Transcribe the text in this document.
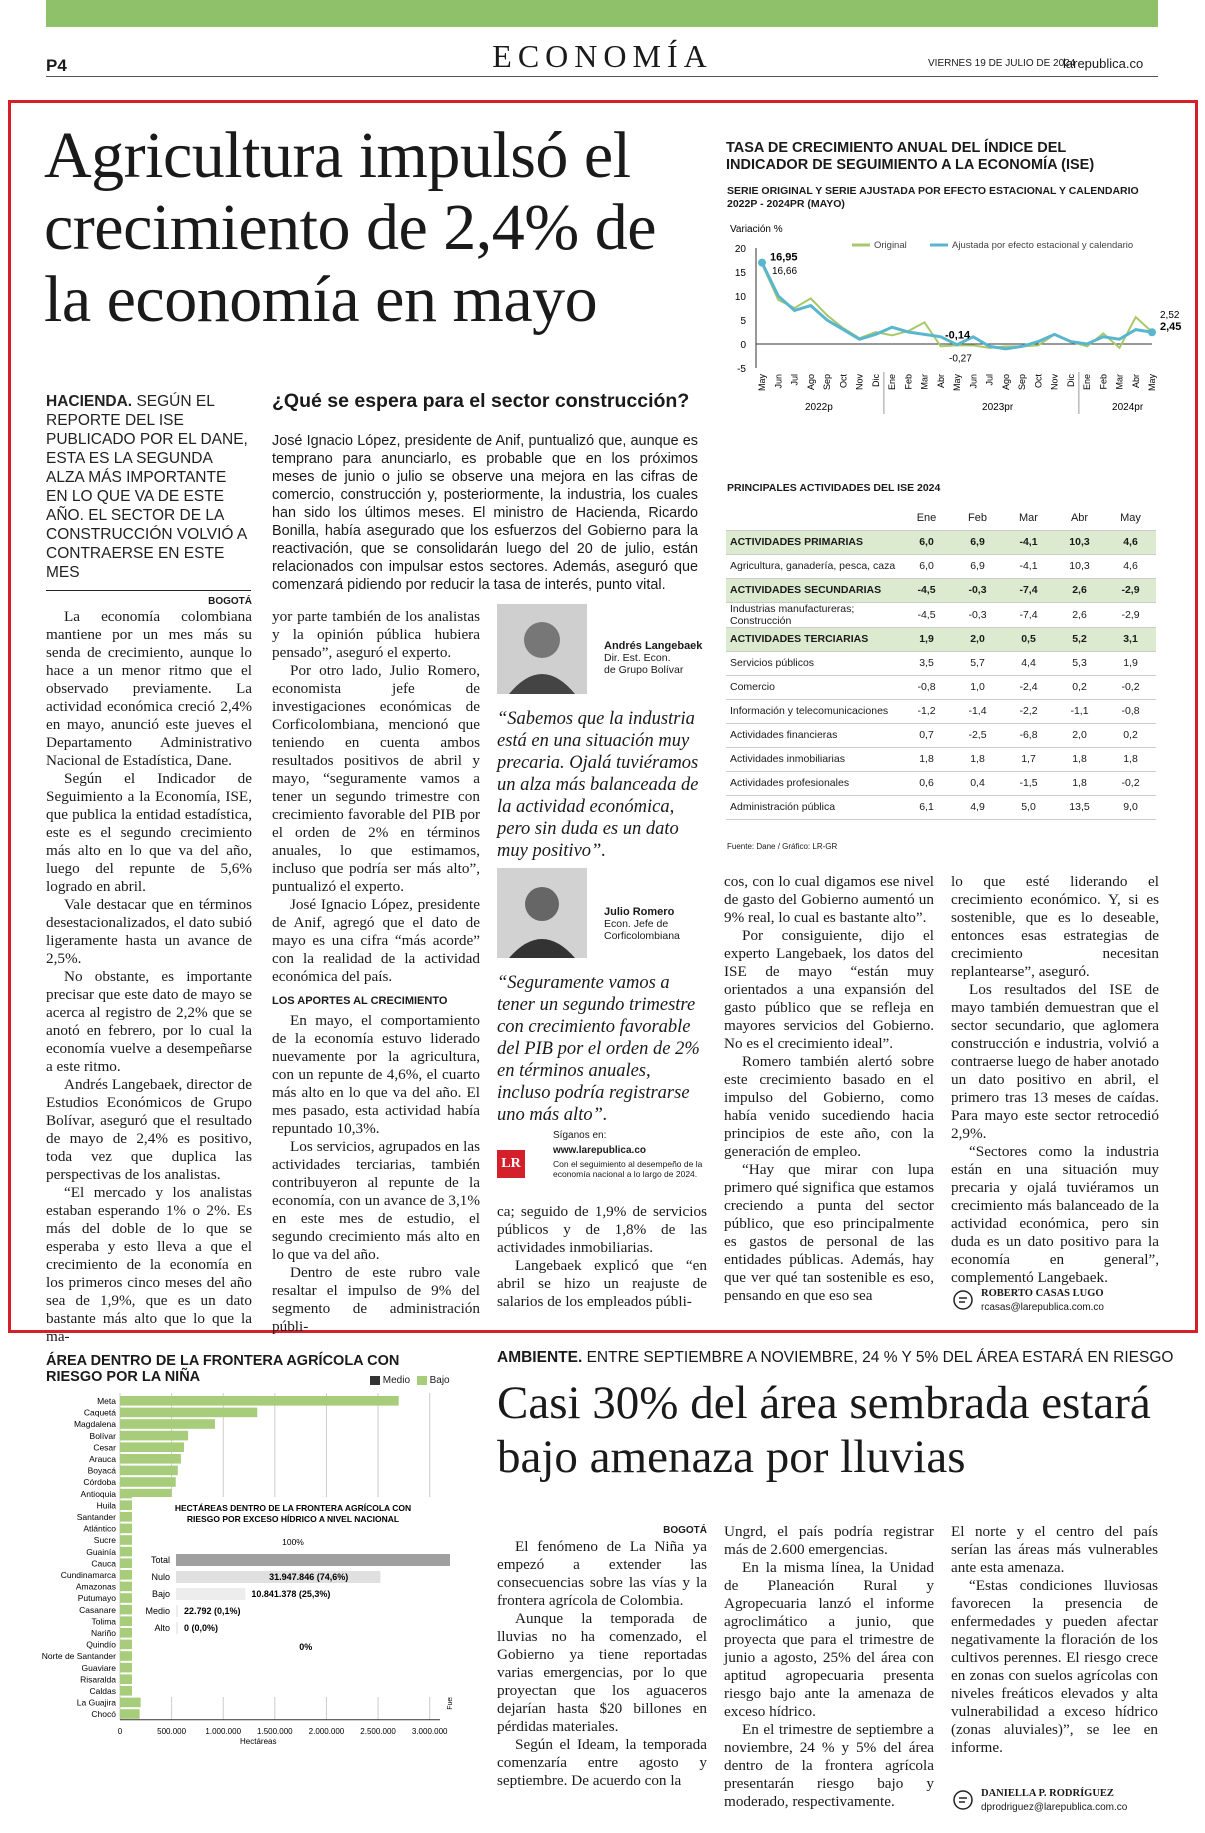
P4	ECONOMÍA	VIERNES 19 DE JULIO DE 2024
larepublica.co
Agricultura impulsó el crecimiento de 2,4% de la economía en mayo
HACIENDA. SEGÚN EL REPORTE DEL ISE PUBLICADO POR EL DANE, ESTA ES LA SEGUNDA ALZA MÁS IMPORTANTE EN LO QUE VA DE ESTE AÑO. EL SECTOR DE LA CONSTRUCCIÓN VOLVIÓ A CONTRAERSE EN ESTE MES
BOGOTÁ
¿Qué se espera para el sector construcción?
José Ignacio López, presidente de Anif, puntualizó que, aunque es temprano para anunciarlo, es probable que en los próximos meses de junio o julio se observe una mejora en las cifras de comercio, construcción y, posteriormente, la industria, los cuales han sido los últimos meses. El ministro de Hacienda, Ricardo Bonilla, había asegurado que los esfuerzos del Gobierno para la reactivación, que se consolidarán luego del 20 de julio, están relacionados con impulsar estos sectores. Además, aseguró que comenzará pidiendo por reducir la tasa de interés, punto vital.

La economía colombiana mantiene por un mes más su senda de crecimiento, aunque lo hace a un menor ritmo que el observado previamente. La actividad económica creció 2,4% en mayo, anunció este jueves el Departamento Administrativo Nacional de Estadística, Dane.

Según el Indicador de Seguimiento a la Economía, ISE, que publica la entidad estadística, este es el segundo crecimiento más alto en lo que va del año, luego del repunte de 5,6% logrado en abril.

Vale destacar que en términos desestacionalizados, el dato subió ligeramente hasta un avance de 2,5%.

No obstante, es importante precisar que este dato de mayo se acerca al registro de 2,2% que se anotó en febrero, por lo cual la economía vuelve a desempeñarse a este ritmo.

Andrés Langebaek, director de Estudios Económicos de Grupo Bolívar, aseguró que el resultado de mayo de 2,4% es positivo, toda vez que duplica las perspectivas de los analistas.

“El mercado y los analistas estaban esperando 1% o 2%. Es más del doble de lo que se esperaba y esto lleva a que el crecimiento de la economía en los primeros cinco meses del año sea de 1,9%, que es un dato bastante más alto que lo que la ma-

yor parte también de los analistas y la opinión pública hubiera pensado”, aseguró el experto.

Por otro lado, Julio Romero, economista jefe de investigaciones económicas de Corficolombiana, mencionó que teniendo en cuenta ambos resultados positivos de abril y mayo, “seguramente vamos a tener un segundo trimestre con crecimiento favorable del PIB por el orden de 2% en términos anuales, lo que estimamos, incluso que podría ser más alto”, puntualizó el experto.

José Ignacio López, presidente de Anif, agregó que el dato de mayo es una cifra “más acorde” con la realidad de la actividad económica del país.

LOS APORTES AL CRECIMIENTO

En mayo, el comportamiento de la economía estuvo liderado nuevamente por la agricultura, con un repunte de 4,6%, el cuarto más alto en lo que va del año. El mes pasado, esta actividad había repuntado 10,3%.

Los servicios, agrupados en las actividades terciarias, también contribuyeron al repunte de la economía, con un avance de 3,1% en este mes de estudio, el segundo crecimiento más alto en lo que va del año.

Dentro de este rubro vale resaltar el impulso de 9% del segmento de administración públi-

Andrés Langebaek
Dir. Est. Econ.
de Grupo Bolívar
“Sabemos que la industria está en una situación muy precaria. Ojalá tuviéramos un alza más balanceada de la actividad económica, pero sin duda es un dato muy positivo”.
Julio Romero
Econ. Jefe de
Corficolombiana
“Seguramente vamos a tener un segundo trimestre con crecimiento favorable del PIB por el orden de 2% en términos anuales, incluso podría registrarse uno más alto”.
Síganos en:
LR
www.larepublica.co
Con el seguimiento al desempeño de la economía nacional a lo largo de 2024.

ca; seguido de 1,9% de servicios públicos y de 1,8% de las actividades inmobiliarias.

Langebaek explicó que “en abril se hizo un reajuste de salarios de los empleados públi-

cos, con lo cual digamos ese nivel de gasto del Gobierno aumentó un 9% real, lo cual es bastante alto”.

Por consiguiente, dijo el experto Langebaek, los datos del ISE de mayo “están muy orientados a una expansión del gasto público que se refleja en mayores servicios del Gobierno. No es el crecimiento ideal”.

Romero también alertó sobre este crecimiento basado en el impulso del Gobierno, como había venido sucediendo hacia principios de este año, con la generación de empleo.

“Hay que mirar con lupa primero qué significa que estamos creciendo a punta del sector público, que eso principalmente es gastos de personal de las entidades públicas. Además, hay que ver qué tan sostenible es eso, pensando en que eso sea

lo que esté liderando el crecimiento económico. Y, si es sostenible, que es lo deseable, entonces esas estrategias de crecimiento necesitan replantearse”, aseguró.

Los resultados del ISE de mayo también demuestran que el sector secundario, que aglomera construcción e industria, volvió a contraerse luego de haber anotado un dato positivo en abril, el primero tras 13 meses de caídas. Para mayo este sector retrocedió 2,9%.

“Sectores como la industria están en una situación muy precaria y ojalá tuviéramos un crecimiento más balanceado de la actividad económica, pero sin duda es un dato positivo para la economía en general”, complementó Langebaek.

ROBERTO CASAS LUGO
rcasas@larepublica.com.co
TASA DE CRECIMIENTO ANUAL DEL ÍNDICE DEL INDICADOR DE SEGUIMIENTO A LA ECONOMÍA (ISE)
SERIE ORIGINAL Y SERIE AJUSTADA POR EFECTO ESTACIONAL Y CALENDARIO
2022P - 2024PR (MAYO)
Variación %
20
15
10
5
0
-5
Original	Ajustada por efecto estacional y calendario
16,95
16,66
-0,14
-0,27
2,52
2,45
May Jun Jul Ago Sep Oct Nov Dic Ene Feb Mar Abr May Jun Jul Ago Sep Oct Nov Dic Ene Feb Mar Abr May
2022p	2023pr	2024pr
PRINCIPALES ACTIVIDADES DEL ISE 2024
	Ene	Feb	Mar	Abr	May
ACTIVIDADES PRIMARIAS	6,0	6,9	-4,1	10,3	4,6
Agricultura, ganadería, pesca, caza	6,0	6,9	-4,1	10,3	4,6
ACTIVIDADES SECUNDARIAS	-4,5	-0,3	-7,4	2,6	-2,9
Industrias manufactureras; Construcción	-4,5	-0,3	-7,4	2,6	-2,9
ACTIVIDADES TERCIARIAS	1,9	2,0	0,5	5,2	3,1
Servicios públicos	3,5	5,7	4,4	5,3	1,9
Comercio	-0,8	1,0	-2,4	0,2	-0,2
Información y telecomunicaciones	-1,2	-1,4	-2,2	-1,1	-0,8
Actividades financieras	0,7	-2,5	-6,8	2,0	0,2
Actividades inmobiliarias	1,8	1,8	1,7	1,8	1,8
Actividades profesionales	0,6	0,4	-1,5	1,8	-0,2
Administración pública	6,1	4,9	5,0	13,5	9,0
Fuente: Dane / Gráfico: LR-GR
ÁREA DENTRO DE LA FRONTERA AGRÍCOLA CON RIESGO POR LA NIÑA	Medio Bajo
Meta
Caquetá
Magdalena
Bolívar
Cesar
Arauca
Boyacá
Córdoba
Antioquia
Huila
Santander
Atlántico
Sucre
Guainía
Cauca
Cundinamarca
Amazonas
Putumayo
Casanare
Tolima
Nariño
Quindío
Norte de Santander
Guaviare
Risaralda
Caldas
La Guajira
Chocó
0	500.000 1.000.000 1.500.000 2.000.000 2.500.000 3.000.000
Hectáreas
HECTÁREAS DENTRO DE LA FRONTERA AGRÍCOLA CON
RIESGO POR EXCESO HÍDRICO A NIVEL NACIONAL
100%
Total
Nulo	31.947.846 (74,6%)
Bajo	10.841.378 (25,3%)
Medio 22.792 (0,1%)
Alto 0 (0,0%)
0%
AMBIENTE. ENTRE SEPTIEMBRE A NOVIEMBRE, 24 % Y 5% DEL ÁREA ESTARÁ EN RIESGO
Casi 30% del área sembrada estará bajo amenaza por lluvias
BOGOTÁ

El fenómeno de La Niña ya empezó a extender las consecuencias sobre las vías y la frontera agrícola de Colombia.

Aunque la temporada de lluvias no ha comenzado, el Gobierno ya tiene reportadas varias emergencias, por lo que proyectan que los aguaceros dejarían hasta $20 billones en pérdidas materiales.

Según el Ideam, la temporada comenzaría entre agosto y septiembre. De acuerdo con la

Ungrd, el país podría registrar más de 2.600 emergencias.

En la misma línea, la Unidad de Planeación Rural y Agropecuaria lanzó el informe agroclimático a junio, que proyecta que para el trimestre de junio a agosto, 25% del área con aptitud agropecuaria presenta riesgo bajo ante la amenaza de exceso hídrico.

En el trimestre de septiembre a noviembre, 24 % y 5% del área dentro de la frontera agrícola presentarán riesgo bajo y moderado, respectivamente.

El norte y el centro del país serían las áreas más vulnerables ante esta amenaza.

“Estas condiciones lluviosas favorecen la presencia de enfermedades y pueden afectar negativamente la floración de los cultivos perennes. El riesgo crece en zonas con suelos agrícolas con niveles freáticos elevados y alta vulnerabilidad a exceso hídrico (zonas aluviales)”, se lee en informe.

DANIELLA P. RODRÍGUEZ
dprodriguez@larepublica.com.co
